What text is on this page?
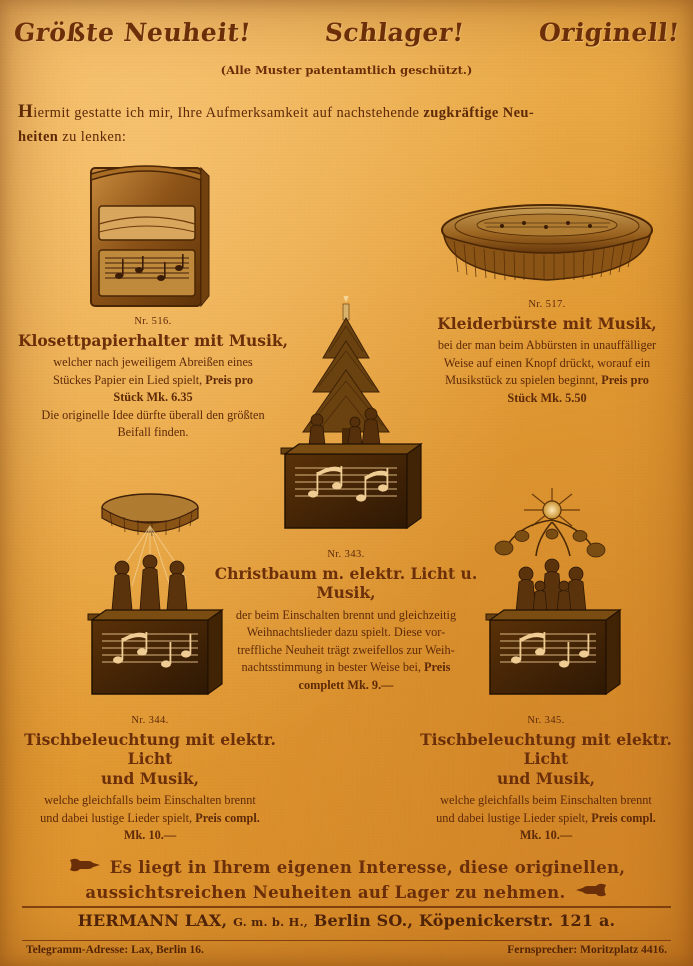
Größte Neuheit!	Schlager!	Originell!
(Alle Muster patentamtlich geschützt.)
Hiermit gestatte ich mir, Ihre Aufmerksamkeit auf nachstehende zugkräftige Neu-
heiten zu lenken:
Nr. 516.
Klosettpapierhalter mit Musik,
welcher nach jeweiligem Abreißen eines
Stückes Papier ein Lied spielt, Preis pro
Stück Mk. 6.35
Die originelle Idee dürfte überall den größten
Beifall finden.
Nr. 517.
Kleiderbürste mit Musik,
bei der man beim Abbürsten in unauffälliger
Weise auf einen Knopf drückt, worauf ein
Musikstück zu spielen beginnt, Preis pro
Stück Mk. 5.50
Nr. 343.
Christbaum m. elektr. Licht u. Musik,
der beim Einschalten brennt und gleichzeitig
Weihnachtslieder dazu spielt. Diese vor-
treffliche Neuheit trägt zweifellos zur Weih-
nachtsstimmung in bester Weise bei, Preis
complett Mk. 9.—
Nr. 344.
Tischbeleuchtung mit elektr. Licht
und Musik,
welche gleichfalls beim Einschalten brennt
und dabei lustige Lieder spielt, Preis compl.
Mk. 10.—
Nr. 345.
Tischbeleuchtung mit elektr. Licht
und Musik,
welche gleichfalls beim Einschalten brennt
und dabei lustige Lieder spielt, Preis compl.
Mk. 10.—
Es liegt in Ihrem eigenen Interesse, diese originellen,
aussichtsreichen Neuheiten auf Lager zu nehmen.
HERMANN LAX, G. m. b. H., Berlin SO., Köpenickerstr. 121 a.
Telegramm-Adresse: Lax, Berlin 16.	Fernsprecher: Moritzplatz 4416.
